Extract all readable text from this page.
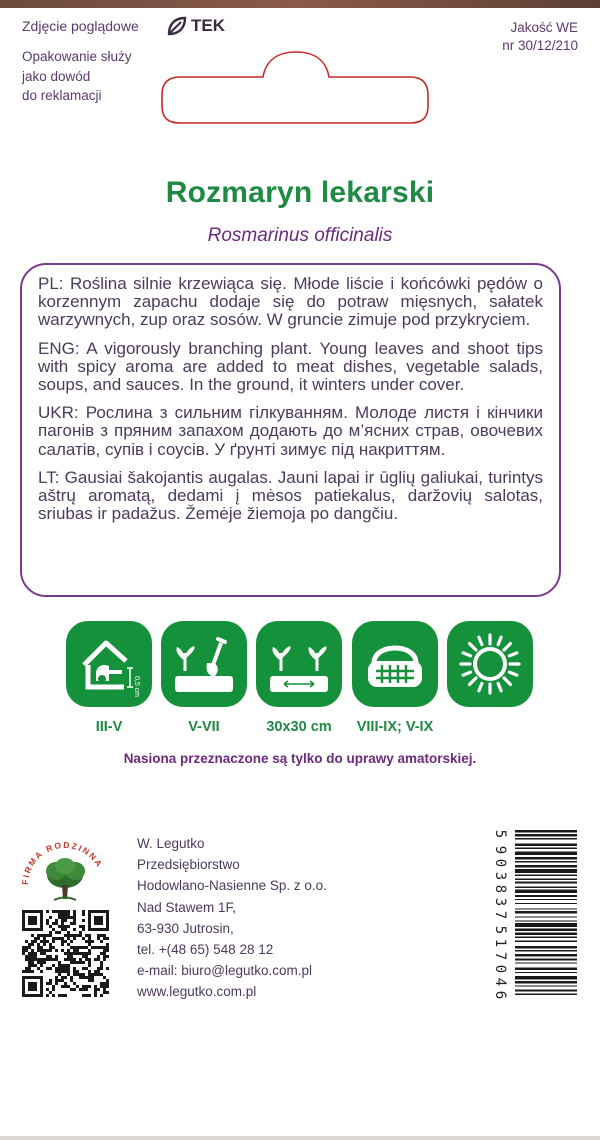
Zdjęcie poglądowe	TEK
Opakowanie służy
jako dowód
do reklamacji
Jakość WE
nr 30/12/210
Rozmaryn lekarski
Rosmarinus officinalis

PL: Roślina silnie krzewiąca się. Młode liście i końcówki pędów o korzennym zapachu dodaje się do potraw mięsnych, sałatek warzywnych, zup oraz sosów. W gruncie zimuje pod przykryciem.

ENG: A vigorously branching plant. Young leaves and shoot tips with spicy aroma are added to meat dishes, vegetable salads, soups, and sauces. In the ground, it winters under cover.

UKR: Рослина з сильним гілкуванням. Молоде листя і кінчики пагонів з пряним запахом додають до м’ясних страв, овочевих салатів, супів і соусів. У ґрунті зимує під накриттям.

LT: Gausiai šakojantis augalas. Jauni lapai ir ūglių galiukai, turintys aštrų aromatą, dedami į mėsos patiekalus, daržovių salotas, sriubas ir padažus. Žemėje žiemoja po dangčiu.

0,5 cm
III-V	V-VII	30x30 cm	VIII-IX; V-IX
Nasiona przeznaczone są tylko do uprawy amatorskiej.
FIRMA RODZINNA
W. Legutko
Przedsiębiorstwo
Hodowlano-Nasienne Sp. z o.o.
Nad Stawem 1F,
63-930 Jutrosin,
tel. +(48 65) 548 28 12
e-mail: biuro@legutko.com.pl
www.legutko.com.pl
5
9
0
3
8
3
7
5
1
7
0
4
6
